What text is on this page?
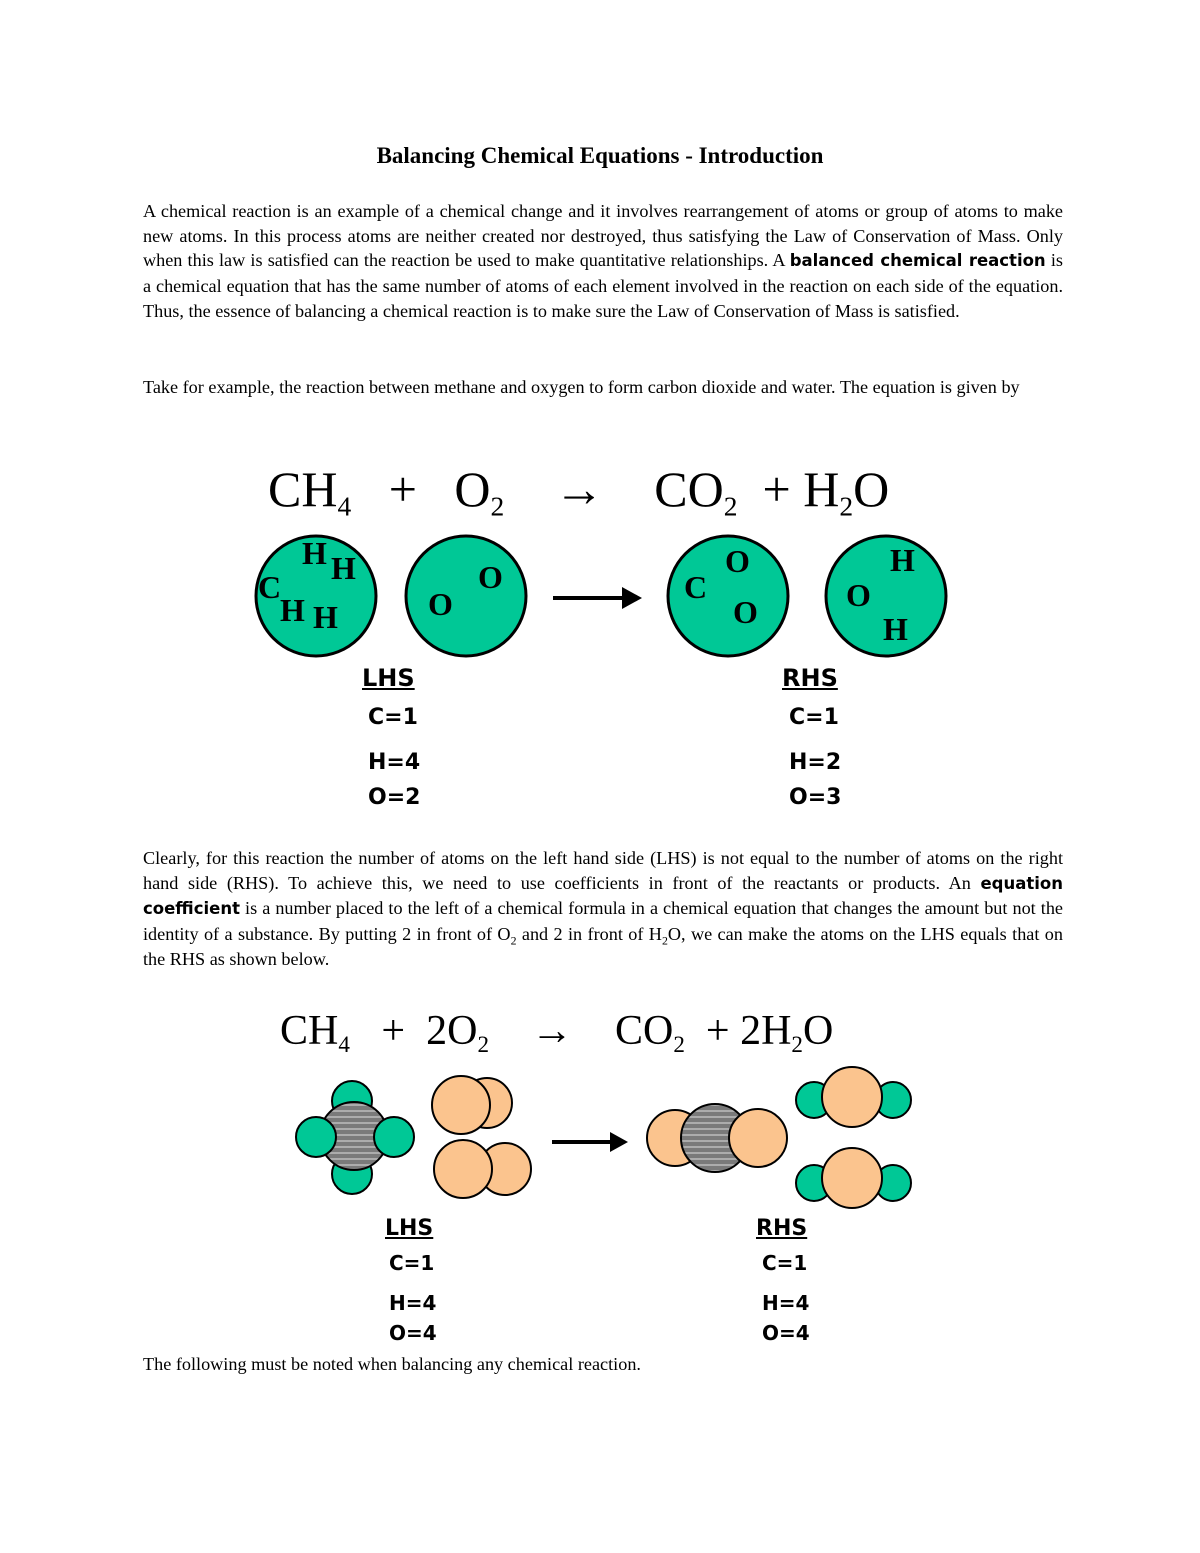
Balancing Chemical Equations - Introduction

A chemical reaction is an example of a chemical change and it involves rearrangement of atoms or group of atoms to make new atoms. In this process atoms are neither created nor destroyed, thus satisfying the Law of Conservation of Mass. Only when this law is satisfied can the reaction be used to make quantitative relationships. A balanced chemical reaction is a chemical equation that has the same number of atoms of each element involved in the reaction on each side of the equation. Thus, the essence of balancing a chemical reaction is to make sure the Law of Conservation of Mass is satisfied.

Take for example, the reaction between methane and oxygen to form carbon dioxide and water. The equation is given by

$CH_4 + O_2 \to CO_2 + H_2O$
H H
C
H H
O
O
O
C
O
H
O
H
LHS
C=1
H=4
O=2
RHS
C=1
H=2
O=3

Clearly, for this reaction the number of atoms on the left hand side (LHS) is not equal to the number of atoms on the right hand side (RHS). To achieve this, we need to use coefficients in front of the reactants or products. An equation coefficient is a number placed to the left of a chemical formula in a chemical equation that changes the amount but not the identity of a substance. By putting 2 in front of $O_2$ and 2 in front of $H_2O$, we can make the atoms on the LHS equals that on the RHS as shown below.

$CH_4 + 2O_2 \to CO_2 + 2H_2O$
LHS
C=1
H=4
O=4
RHS
C=1
H=4
O=4

The following must be noted when balancing any chemical reaction.
